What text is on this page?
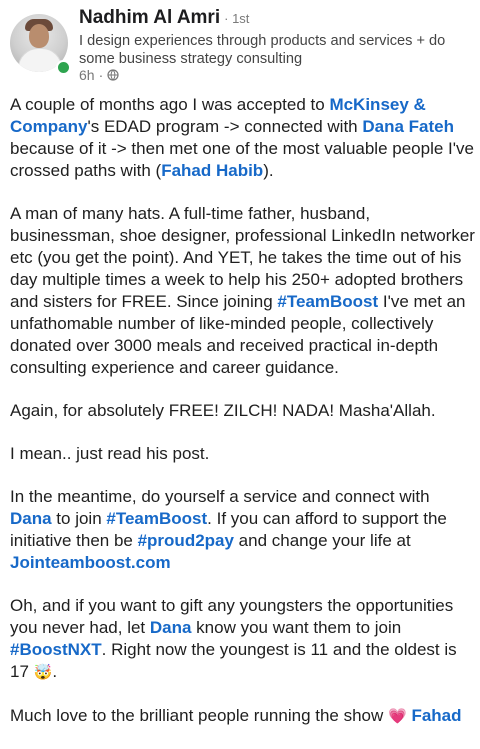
Nadhim Al Amri · 1st
I design experiences through products and services + do some business strategy consulting
6h ·

A couple of months ago I was accepted to McKinsey & Company's EDAD program -> connected with Dana Fateh because of it -> then met one of the most valuable people I've crossed paths with (Fahad Habib).

A man of many hats. A full-time father, husband, businessman, shoe designer, professional LinkedIn networker etc (you get the point). And YET, he takes the time out of his day multiple times a week to help his 250+ adopted brothers and sisters for FREE. Since joining #TeamBoost I've met an unfathomable number of like-minded people, collectively donated over 3000 meals and received practical in-depth consulting experience and career guidance.

Again, for absolutely FREE! ZILCH! NADA! Masha'Allah.

I mean.. just read his post.

In the meantime, do yourself a service and connect with Dana to join #TeamBoost. If you can afford to support the initiative then be #proud2pay and change your life at Jointeamboost.com

Oh, and if you want to gift any youngsters the opportunities you never had, let Dana know you want them to join #BoostNXT. Right now the youngest is 11 and the oldest is 17 🤯.

Much love to the brilliant people running the show 💗 Fahad
